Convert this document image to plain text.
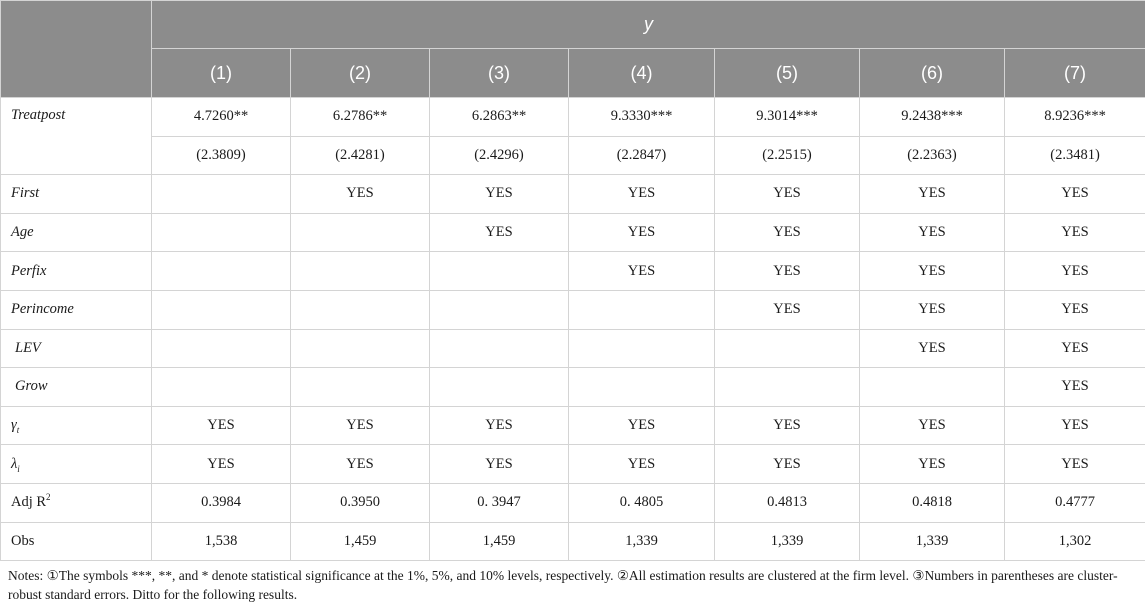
	y						
	(1)	(2)	(3)	(4)	(5)	(6)	(7)
Treatpost	4.7260**	6.2786**	6.2863**	9.3330***	9.3014***	9.2438***	8.9236***
	(2.3809)	(2.4281)	(2.4296)	(2.2847)	(2.2515)	(2.2363)	(2.3481)
First		YES	YES	YES	YES	YES	YES
Age			YES	YES	YES	YES	YES
Perfix				YES	YES	YES	YES
Perincome					YES	YES	YES
LEV						YES	YES
Grow							YES
$\gamma_t$	YES	YES	YES	YES	YES	YES	YES
$\lambda_i$	YES	YES	YES	YES	YES	YES	YES
Adj $R^2$	0.3984	0.3950	0. 3947	0. 4805	0.4813	0.4818	0.4777
Obs	1,538	1,459	1,459	1,339	1,339	1,339	1,302
Notes: ①The symbols ***, **, and * denote statistical significance at the 1%, 5%, and 10% levels, respectively. ②All estimation results are clustered at the firm level. ③Numbers in parentheses are cluster-robust standard errors. Ditto for the following results.
